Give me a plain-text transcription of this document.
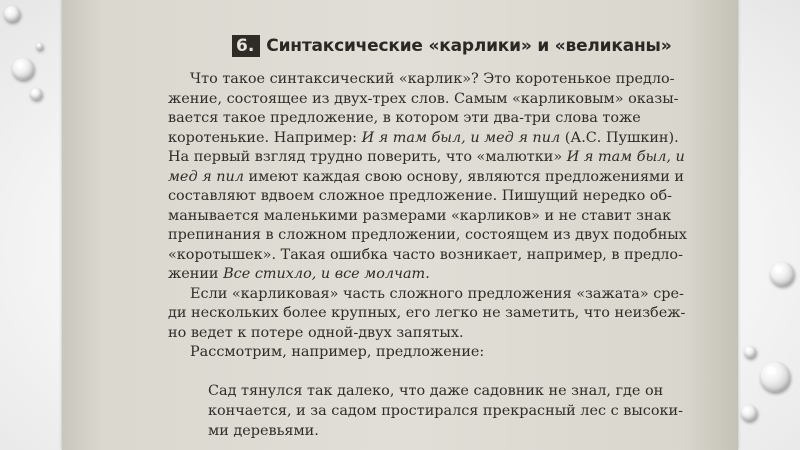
6. Синтаксические «карлики» и «великаны»
Что такое синтаксический «карлик»? Это коротенькое предло-
жение, состоящее из двух-трех слов. Самым «карликовым» оказы-
вается такое предложение, в котором эти два-три слова тоже
коротенькие. Например: И я там был, и мед я пил (А.С. Пушкин).
На первый взгляд трудно поверить, что «малютки» И я там был, и
мед я пил имеют каждая свою основу, являются предложениями и
составляют вдвоем сложное предложение. Пишущий нередко об-
манывается маленькими размерами «карликов» и не ставит знак
препинания в сложном предложении, состоящем из двух подобных
«коротышек». Такая ошибка часто возникает, например, в предло-
жении Все стихло, и все молчат.
Если «карликовая» часть сложного предложения «зажата» сре-
ди нескольких более крупных, его легко не заметить, что неизбеж-
но ведет к потере одной-двух запятых.
Рассмотрим, например, предложение:
Сад тянулся так далеко, что даже садовник не знал, где он
кончается, и за садом простирался прекрасный лес с высоки-
ми деревьями.
